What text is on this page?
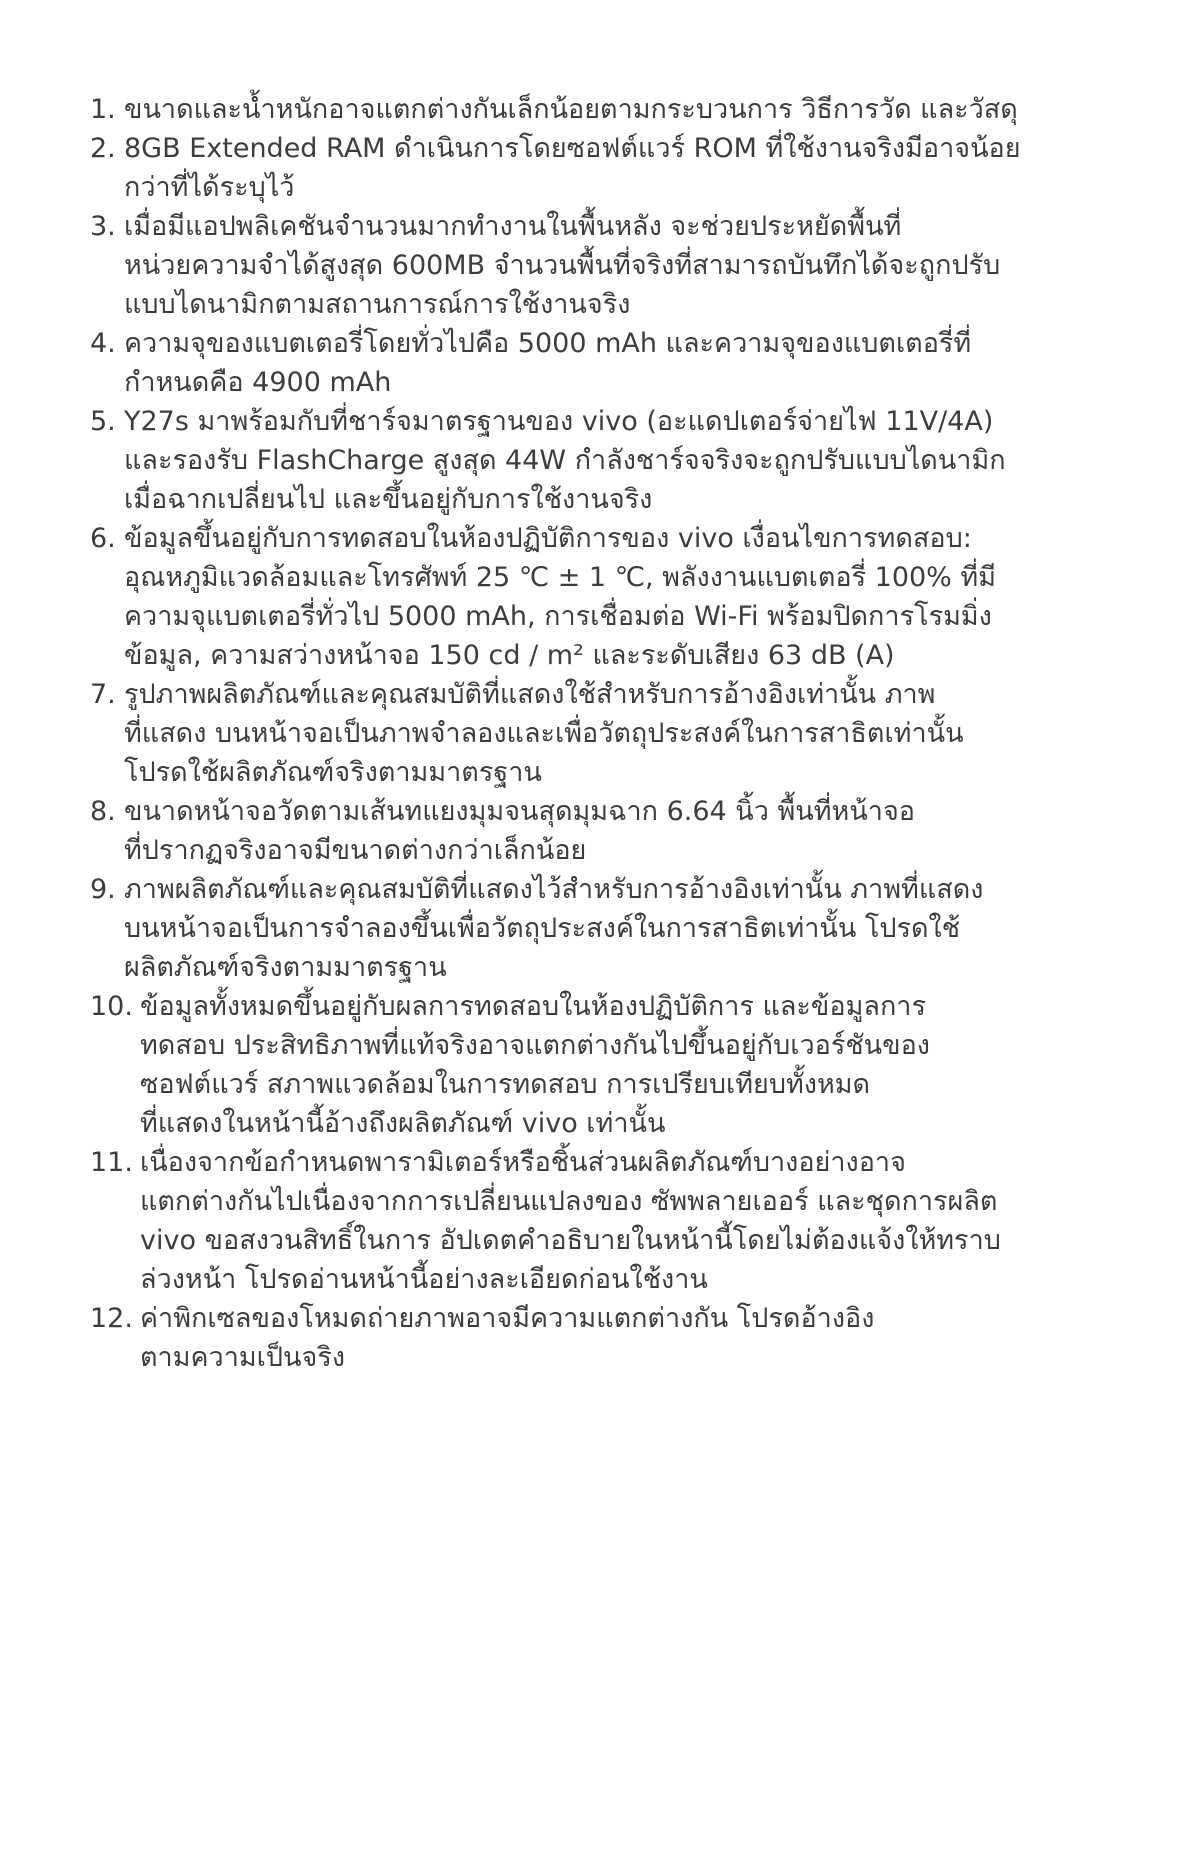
1. ขนาดและน้ำหนักอาจแตกต่างกันเล็กน้อยตามกระบวนการ วิธีการวัด และวัสดุ
2. 8GB Extended RAM ดำเนินการโดยซอฟต์แวร์ ROM ที่ใช้งานจริงมีอาจน้อย
กว่าที่ได้ระบุไว้
3. เมื่อมีแอปพลิเคชันจำนวนมากทำงานในพื้นหลัง จะช่วยประหยัดพื้นที่
หน่วยความจำได้สูงสุด 600MB จำนวนพื้นที่จริงที่สามารถบันทึกได้จะถูกปรับ
แบบไดนามิกตามสถานการณ์การใช้งานจริง
4. ความจุของแบตเตอรี่โดยทั่วไปคือ 5000 mAh และความจุของแบตเตอรี่ที่
กำหนดคือ 4900 mAh
5. Y27s มาพร้อมกับที่ชาร์จมาตรฐานของ vivo (อะแดปเตอร์จ่ายไฟ 11V/4A)
และรองรับ FlashCharge สูงสุด 44W กำลังชาร์จจริงจะถูกปรับแบบไดนามิก
เมื่อฉากเปลี่ยนไป และขึ้นอยู่กับการใช้งานจริง
6. ข้อมูลขึ้นอยู่กับการทดสอบในห้องปฏิบัติการของ vivo เงื่อนไขการทดสอบ:
อุณหภูมิแวดล้อมและโทรศัพท์ 25 ℃ ± 1 ℃, พลังงานแบตเตอรี่ 100% ที่มี
ความจุแบตเตอรี่ทั่วไป 5000 mAh, การเชื่อมต่อ Wi-Fi พร้อมปิดการโรมมิ่ง
ข้อมูล, ความสว่างหน้าจอ 150 cd / m² และระดับเสียง 63 dB (A)
7. รูปภาพผลิตภัณฑ์และคุณสมบัติที่แสดงใช้สำหรับการอ้างอิงเท่านั้น ภาพ
ที่แสดง บนหน้าจอเป็นภาพจำลองและเพื่อวัตถุประสงค์ในการสาธิตเท่านั้น
โปรดใช้ผลิตภัณฑ์จริงตามมาตรฐาน
8. ขนาดหน้าจอวัดตามเส้นทแยงมุมจนสุดมุมฉาก 6.64 นิ้ว พื้นที่หน้าจอ
ที่ปรากฏจริงอาจมีขนาดต่างกว่าเล็กน้อย
9. ภาพผลิตภัณฑ์และคุณสมบัติที่แสดงไว้สำหรับการอ้างอิงเท่านั้น ภาพที่แสดง
บนหน้าจอเป็นการจำลองขึ้นเพื่อวัตถุประสงค์ในการสาธิตเท่านั้น โปรดใช้
ผลิตภัณฑ์จริงตามมาตรฐาน
10. ข้อมูลทั้งหมดขึ้นอยู่กับผลการทดสอบในห้องปฏิบัติการ และข้อมูลการ
ทดสอบ ประสิทธิภาพที่แท้จริงอาจแตกต่างกันไปขึ้นอยู่กับเวอร์ชันของ
ซอฟต์แวร์ สภาพแวดล้อมในการทดสอบ การเปรียบเทียบทั้งหมด
ที่แสดงในหน้านี้อ้างถึงผลิตภัณฑ์ vivo เท่านั้น
11. เนื่องจากข้อกำหนดพารามิเตอร์หรือชิ้นส่วนผลิตภัณฑ์บางอย่างอาจ
แตกต่างกันไปเนื่องจากการเปลี่ยนแปลงของ ซัพพลายเออร์ และชุดการผลิต
vivo ขอสงวนสิทธิ์ในการ อัปเดตคำอธิบายในหน้านี้โดยไม่ต้องแจ้งให้ทราบ
ล่วงหน้า โปรดอ่านหน้านี้อย่างละเอียดก่อนใช้งาน
12. ค่าพิกเซลของโหมดถ่ายภาพอาจมีความแตกต่างกัน โปรดอ้างอิง
ตามความเป็นจริง
